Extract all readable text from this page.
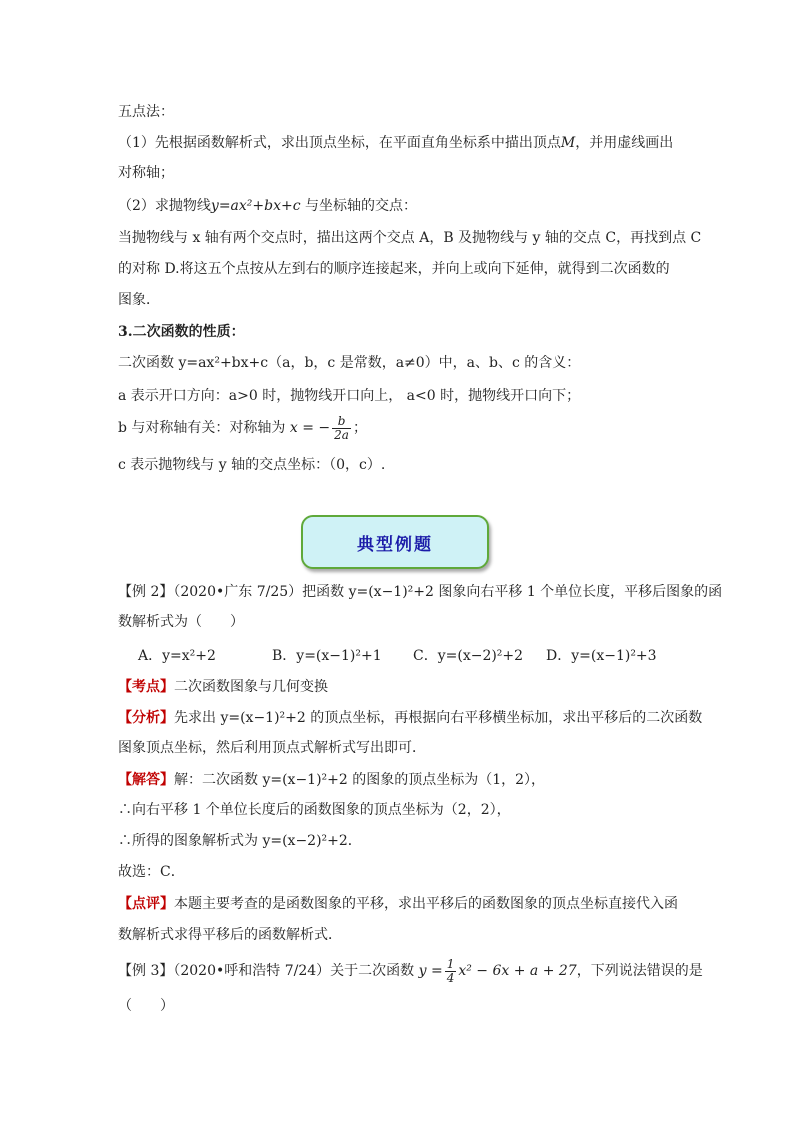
五点法：
（1）先根据函数解析式，求出顶点坐标，在平面直角坐标系中描出顶点M，并用虚线画出
对称轴；
（2）求抛物线y=ax²+bx+c 与坐标轴的交点：
当抛物线与 x 轴有两个交点时，描出这两个交点 A，B 及抛物线与 y 轴的交点 C，再找到点 C
的对称 D.将这五个点按从左到右的顺序连接起来，并向上或向下延伸，就得到二次函数的
图象．
3.二次函数的性质：
二次函数 y=ax²+bx+c（a，b，c 是常数，a≠0）中，a、b、c 的含义：
a 表示开口方向：a>0 时，抛物线开口向上， a<0 时，抛物线开口向下；
b 与对称轴有关：对称轴为 x = − $\frac{b}{2a}$ ；
c 表示抛物线与 y 轴的交点坐标：（0，c）.
典型例题
【例 2】（2020•广东 7/25）把函数 y=(x−1)²+2 图象向右平移 1 个单位长度，平移后图象的函
数解析式为（　　）
A．y=x²+2	B．y=(x−1)²+1 C．y=(x−2)²+2 D．y=(x−1)²+3
【考点】二次函数图象与几何变换
【分析】先求出 y=(x−1)²+2 的顶点坐标，再根据向右平移横坐标加，求出平移后的二次函数
图象顶点坐标，然后利用顶点式解析式写出即可．
【解答】解：二次函数 y=(x−1)²+2 的图象的顶点坐标为（1，2），
∴向右平移 1 个单位长度后的函数图象的顶点坐标为（2，2），
∴所得的图象解析式为 y=(x−2)²+2．
故选：C．
【点评】本题主要考查的是函数图象的平移，求出平移后的函数图象的顶点坐标直接代入函
数解析式求得平移后的函数解析式．
【例 3】（2020•呼和浩特 7/24）关于二次函数 $y = \frac{1}{4} x^2 - 6x + a + 27$，下列说法错误的是
（　　）
